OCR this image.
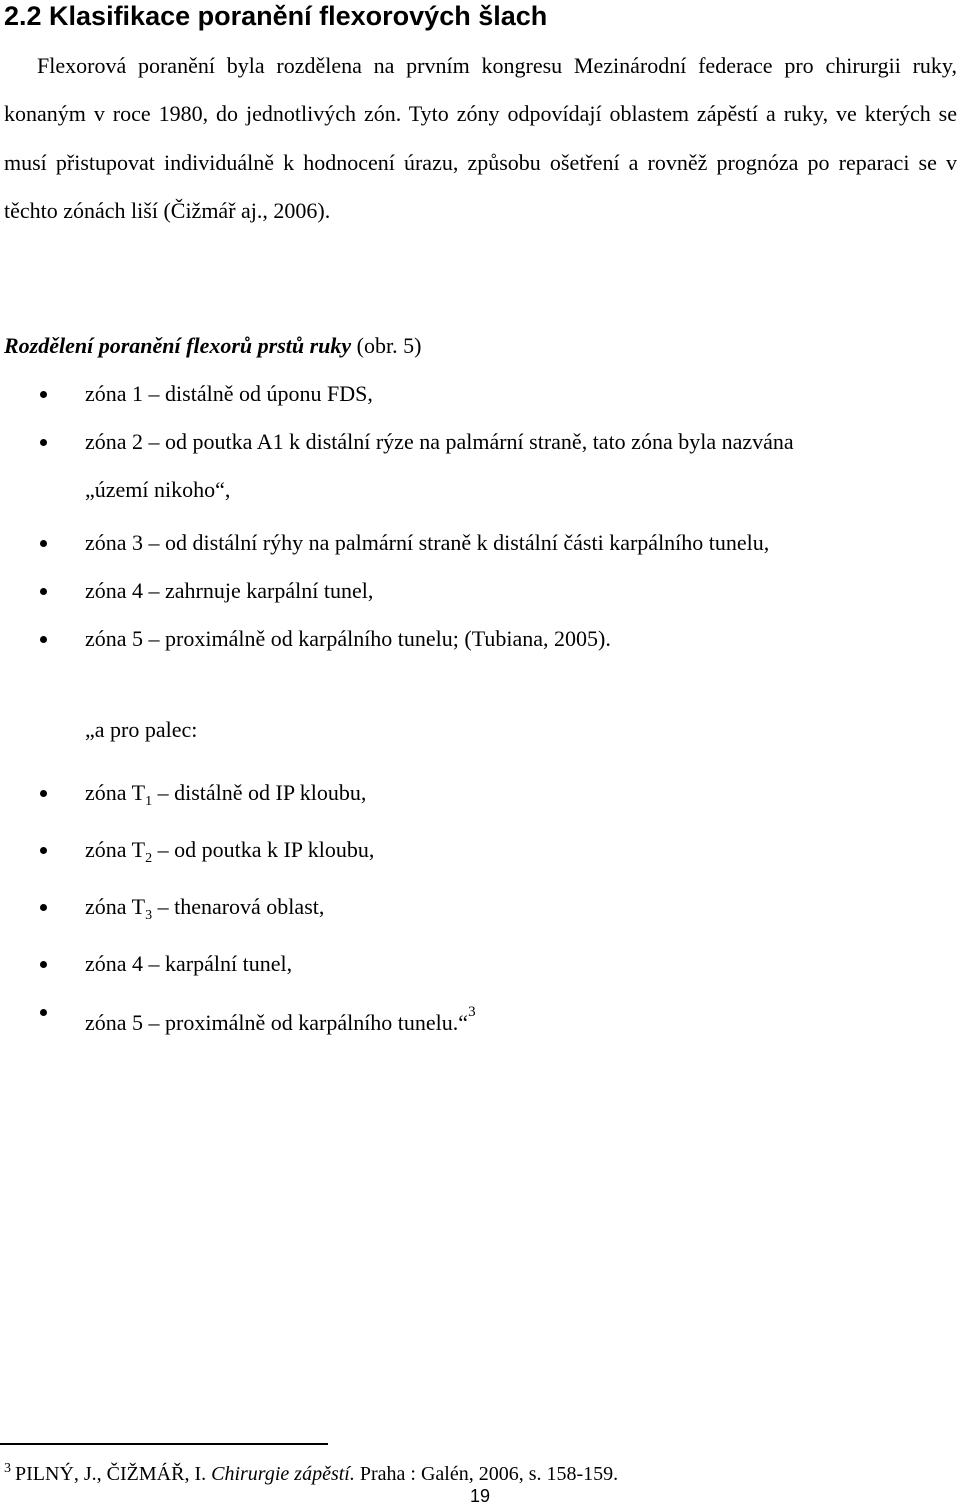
2.2 Klasifikace poranění flexorových šlach
Flexorová poranění byla rozdělena na prvním kongresu Mezinárodní federace pro chirurgii ruky, konaným v roce 1980, do jednotlivých zón. Tyto zóny odpovídají oblastem zápěstí a ruky, ve kterých se musí přistupovat individuálně k hodnocení úrazu, způsobu ošetření a rovněž prognóza po reparaci se v těchto zónách liší (Čižmář aj., 2006).
Rozdělení poranění flexorů prstů ruky (obr. 5)
zóna 1 – distálně od úponu FDS,
zóna 2 – od poutka A1 k distální rýze na palmární straně, tato zóna byla nazvána
„území nikoho“,
zóna 3 – od distální rýhy na palmární straně k distální části karpálního tunelu,
zóna 4 – zahrnuje karpální tunel,
zóna 5 – proximálně od karpálního tunelu; (Tubiana, 2005).
„a pro palec:
zóna $T_1$ – distálně od IP kloubu,
zóna $T_2$ – od poutka k IP kloubu,
zóna $T_3$ – thenarová oblast,
zóna 4 – karpální tunel,
zóna 5 – proximálně od karpálního tunelu.“$^3$
$^3$ PILNÝ, J., ČIŽMÁŘ, I. Chirurgie zápěstí. Praha : Galén, 2006, s. 158-159.
19
